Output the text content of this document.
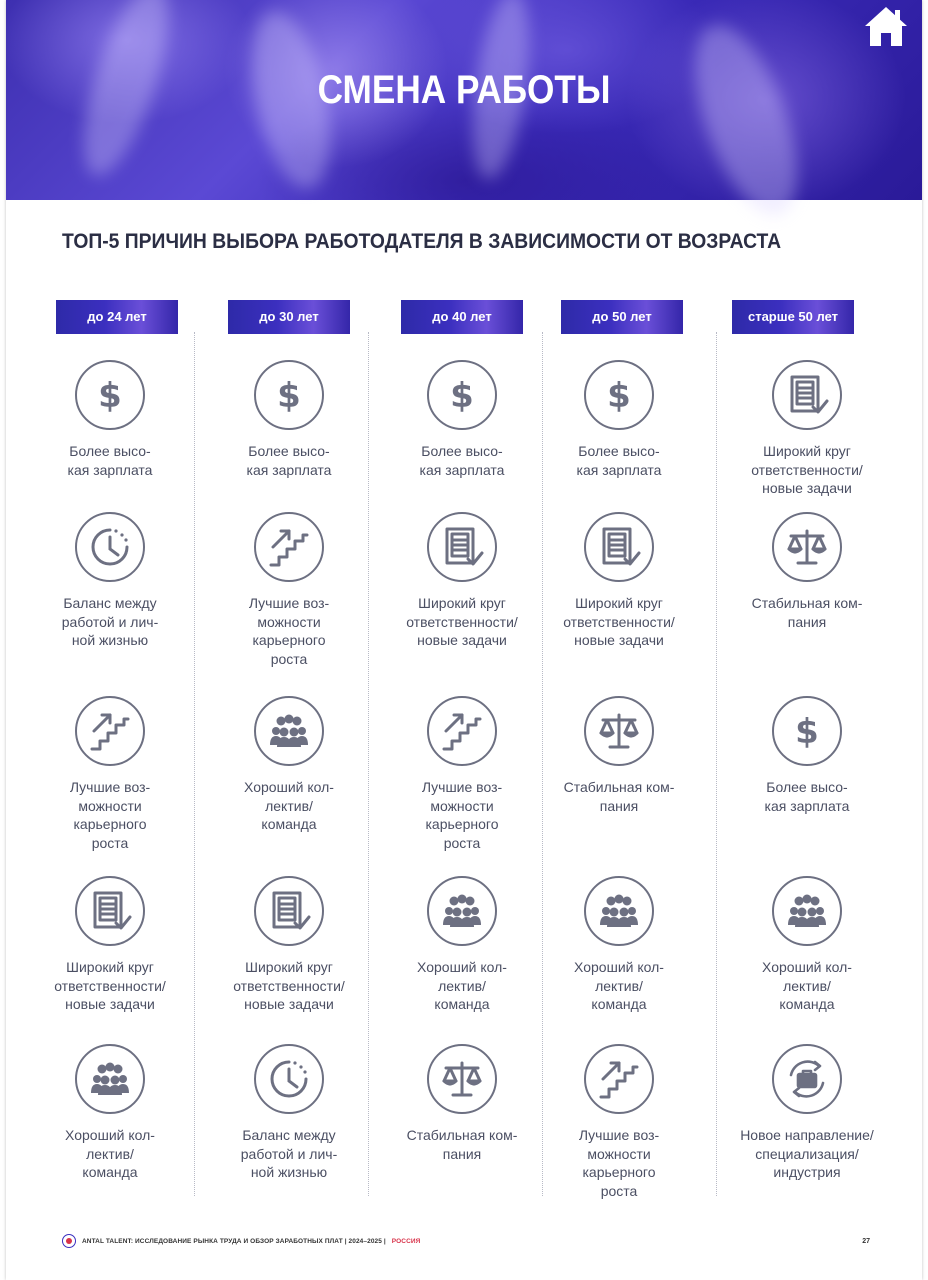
СМЕНА РАБОТЫ
ТОП-5 ПРИЧИН ВЫБОРА РАБОТОДАТЕЛЯ В ЗАВИСИМОСТИ ОТ ВОЗРАСТА
до 24 лет
$
Более высо-
кая зарплата
Баланс между
работой и лич-
ной жизнью
Лучшие воз-
можности
карьерного
роста
Широкий круг
ответственности/
новые задачи
Хороший кол-
лектив/
команда
до 30 лет
$
Более высо-
кая зарплата
Лучшие воз-
можности
карьерного
роста
Хороший кол-
лектив/
команда
Широкий круг
ответственности/
новые задачи
Баланс между
работой и лич-
ной жизнью
до 40 лет
$
Более высо-
кая зарплата
Широкий круг
ответственности/
новые задачи
Лучшие воз-
можности
карьерного
роста
Хороший кол-
лектив/
команда
Стабильная ком-
пания
до 50 лет
$
Более высо-
кая зарплата
Широкий круг
ответственности/
новые задачи
Стабильная ком-
пания
Хороший кол-
лектив/
команда
Лучшие воз-
можности
карьерного
роста
старше 50 лет
Широкий круг
ответственности/
новые задачи
Стабильная ком-
пания
$
Более высо-
кая зарплата
Хороший кол-
лектив/
команда
Новое направление/
специализация/
индустрия
ANTAL TALENT: ИССЛЕДОВАНИЕ РЫНКА ТРУДА И ОБЗОР ЗАРАБОТНЫХ ПЛАТ | 2024–2025 | РОССИЯ	27
